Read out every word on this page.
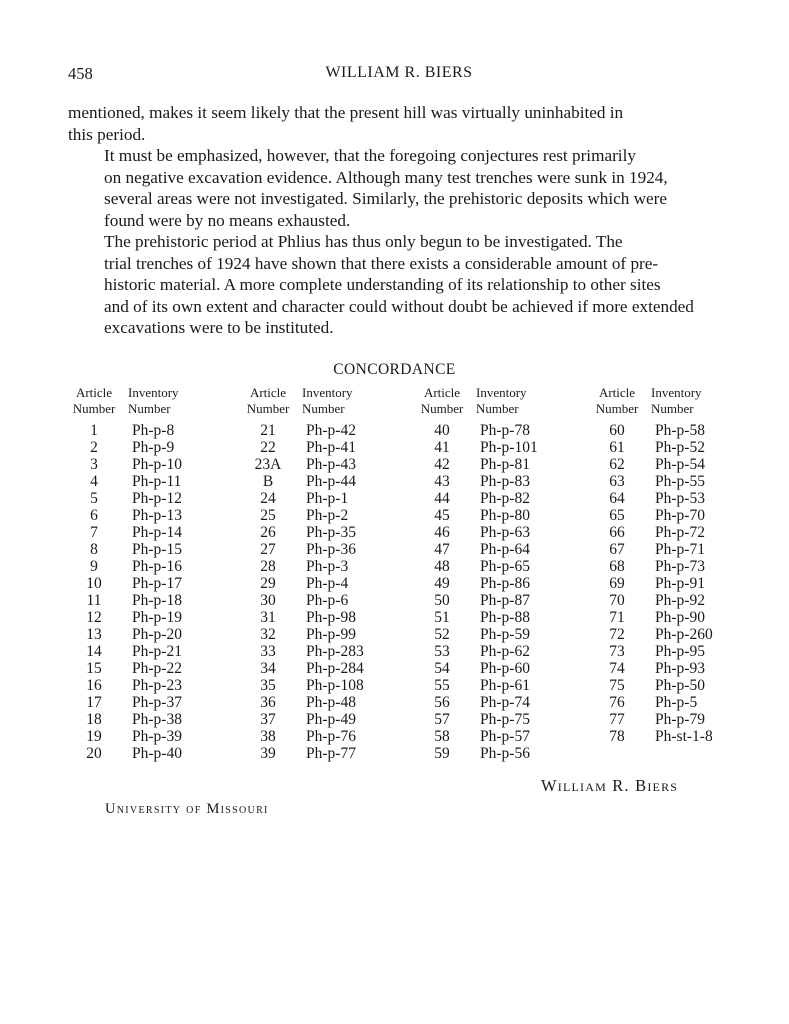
458	WILLIAM R. BIERS

mentioned, makes it seem likely that the present hill was virtually uninhabited in
this period.

It must be emphasized, however, that the foregoing conjectures rest primarily
on negative excavation evidence. Although many test trenches were sunk in 1924,
several areas were not investigated. Similarly, the prehistoric deposits which were
found were by no means exhausted.

The prehistoric period at Phlius has thus only begun to be investigated. The
trial trenches of 1924 have shown that there exists a considerable amount of pre-
historic material. A more complete understanding of its relationship to other sites
and of its own extent and character could without doubt be achieved if more extended
excavations were to be instituted.

CONCORDANCE
Article
Number
Inventory
Number
1	Ph-p-8
2	Ph-p-9
3	Ph-p-10
4	Ph-p-11
5	Ph-p-12
6	Ph-p-13
7	Ph-p-14
8	Ph-p-15
9	Ph-p-16
10	Ph-p-17
11	Ph-p-18
12	Ph-p-19
13	Ph-p-20
14	Ph-p-21
15	Ph-p-22
16	Ph-p-23
17	Ph-p-37
18	Ph-p-38
19	Ph-p-39
20	Ph-p-40
Article
Number
Inventory
Number
21	Ph-p-42
22	Ph-p-41
23A	Ph-p-43
B	Ph-p-44
24	Ph-p-1
25	Ph-p-2
26	Ph-p-35
27	Ph-p-36
28	Ph-p-3
29	Ph-p-4
30	Ph-p-6
31	Ph-p-98
32	Ph-p-99
33	Ph-p-283
34	Ph-p-284
35	Ph-p-108
36	Ph-p-48
37	Ph-p-49
38	Ph-p-76
39	Ph-p-77
Article
Number
Inventory
Number
40	Ph-p-78
41	Ph-p-101
42	Ph-p-81
43	Ph-p-83
44	Ph-p-82
45	Ph-p-80
46	Ph-p-63
47	Ph-p-64
48	Ph-p-65
49	Ph-p-86
50	Ph-p-87
51	Ph-p-88
52	Ph-p-59
53	Ph-p-62
54	Ph-p-60
55	Ph-p-61
56	Ph-p-74
57	Ph-p-75
58	Ph-p-57
59	Ph-p-56
Article
Number
Inventory
Number
60	Ph-p-58
61	Ph-p-52
62	Ph-p-54
63	Ph-p-55
64	Ph-p-53
65	Ph-p-70
66	Ph-p-72
67	Ph-p-71
68	Ph-p-73
69	Ph-p-91
70	Ph-p-92
71	Ph-p-90
72	Ph-p-260
73	Ph-p-95
74	Ph-p-93
75	Ph-p-50
76	Ph-p-5
77	Ph-p-79
78	Ph-st-1-8
William R. Biers
University of Missouri
